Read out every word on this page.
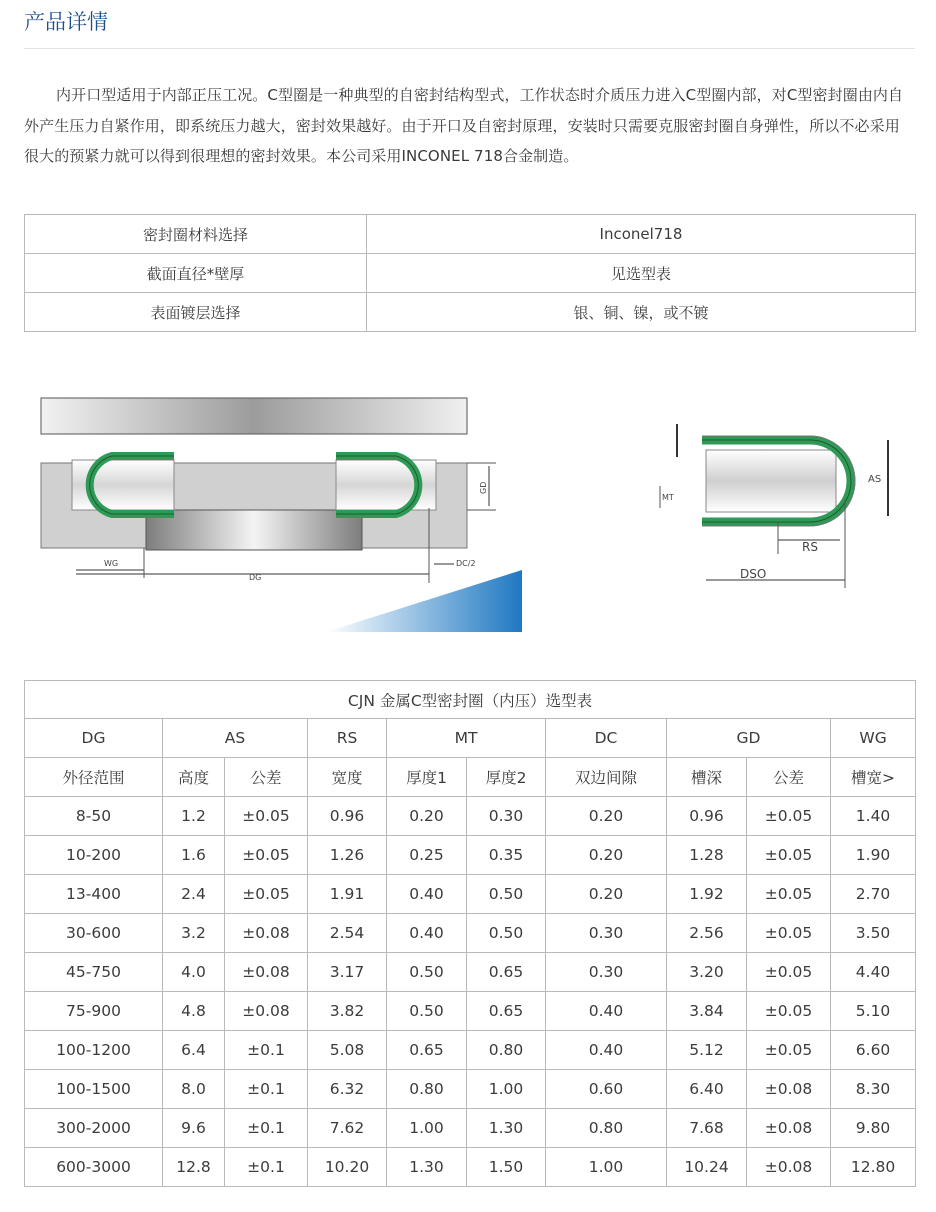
产品详情

内开口型适用于内部正压工况。C型圈是一种典型的自密封结构型式，工作状态时介质压力进入C型圈内部，对C型密封圈由内自外产生压力自紧作用，即系统压力越大，密封效果越好。由于开口及自密封原理，安装时只需要克服密封圈自身弹性，所以不必采用很大的预紧力就可以得到很理想的密封效果。本公司采用INCONEL 718合金制造。

密封圈材料选择	Inconel718
截面直径*壁厚	见选型表
表面镀层选择	银、铜、镍，或不镀
WG
DG
DC/2
GD
MT
AS
RS
DSO
CJN 金属C型密封圈（内压）选型表									
DG	AS		RS	MT		DC	GD		WG
外径范围	高度	公差	宽度	厚度1	厚度2	双边间隙	槽深	公差	槽宽>
8-50	1.2	±0.05	0.96	0.20	0.30	0.20	0.96	±0.05	1.40
10-200	1.6	±0.05	1.26	0.25	0.35	0.20	1.28	±0.05	1.90
13-400	2.4	±0.05	1.91	0.40	0.50	0.20	1.92	±0.05	2.70
30-600	3.2	±0.08	2.54	0.40	0.50	0.30	2.56	±0.05	3.50
45-750	4.0	±0.08	3.17	0.50	0.65	0.30	3.20	±0.05	4.40
75-900	4.8	±0.08	3.82	0.50	0.65	0.40	3.84	±0.05	5.10
100-1200	6.4	±0.1	5.08	0.65	0.80	0.40	5.12	±0.05	6.60
100-1500	8.0	±0.1	6.32	0.80	1.00	0.60	6.40	±0.08	8.30
300-2000	9.6	±0.1	7.62	1.00	1.30	0.80	7.68	±0.08	9.80
600-3000	12.8	±0.1	10.20	1.30	1.50	1.00	10.24	±0.08	12.80
